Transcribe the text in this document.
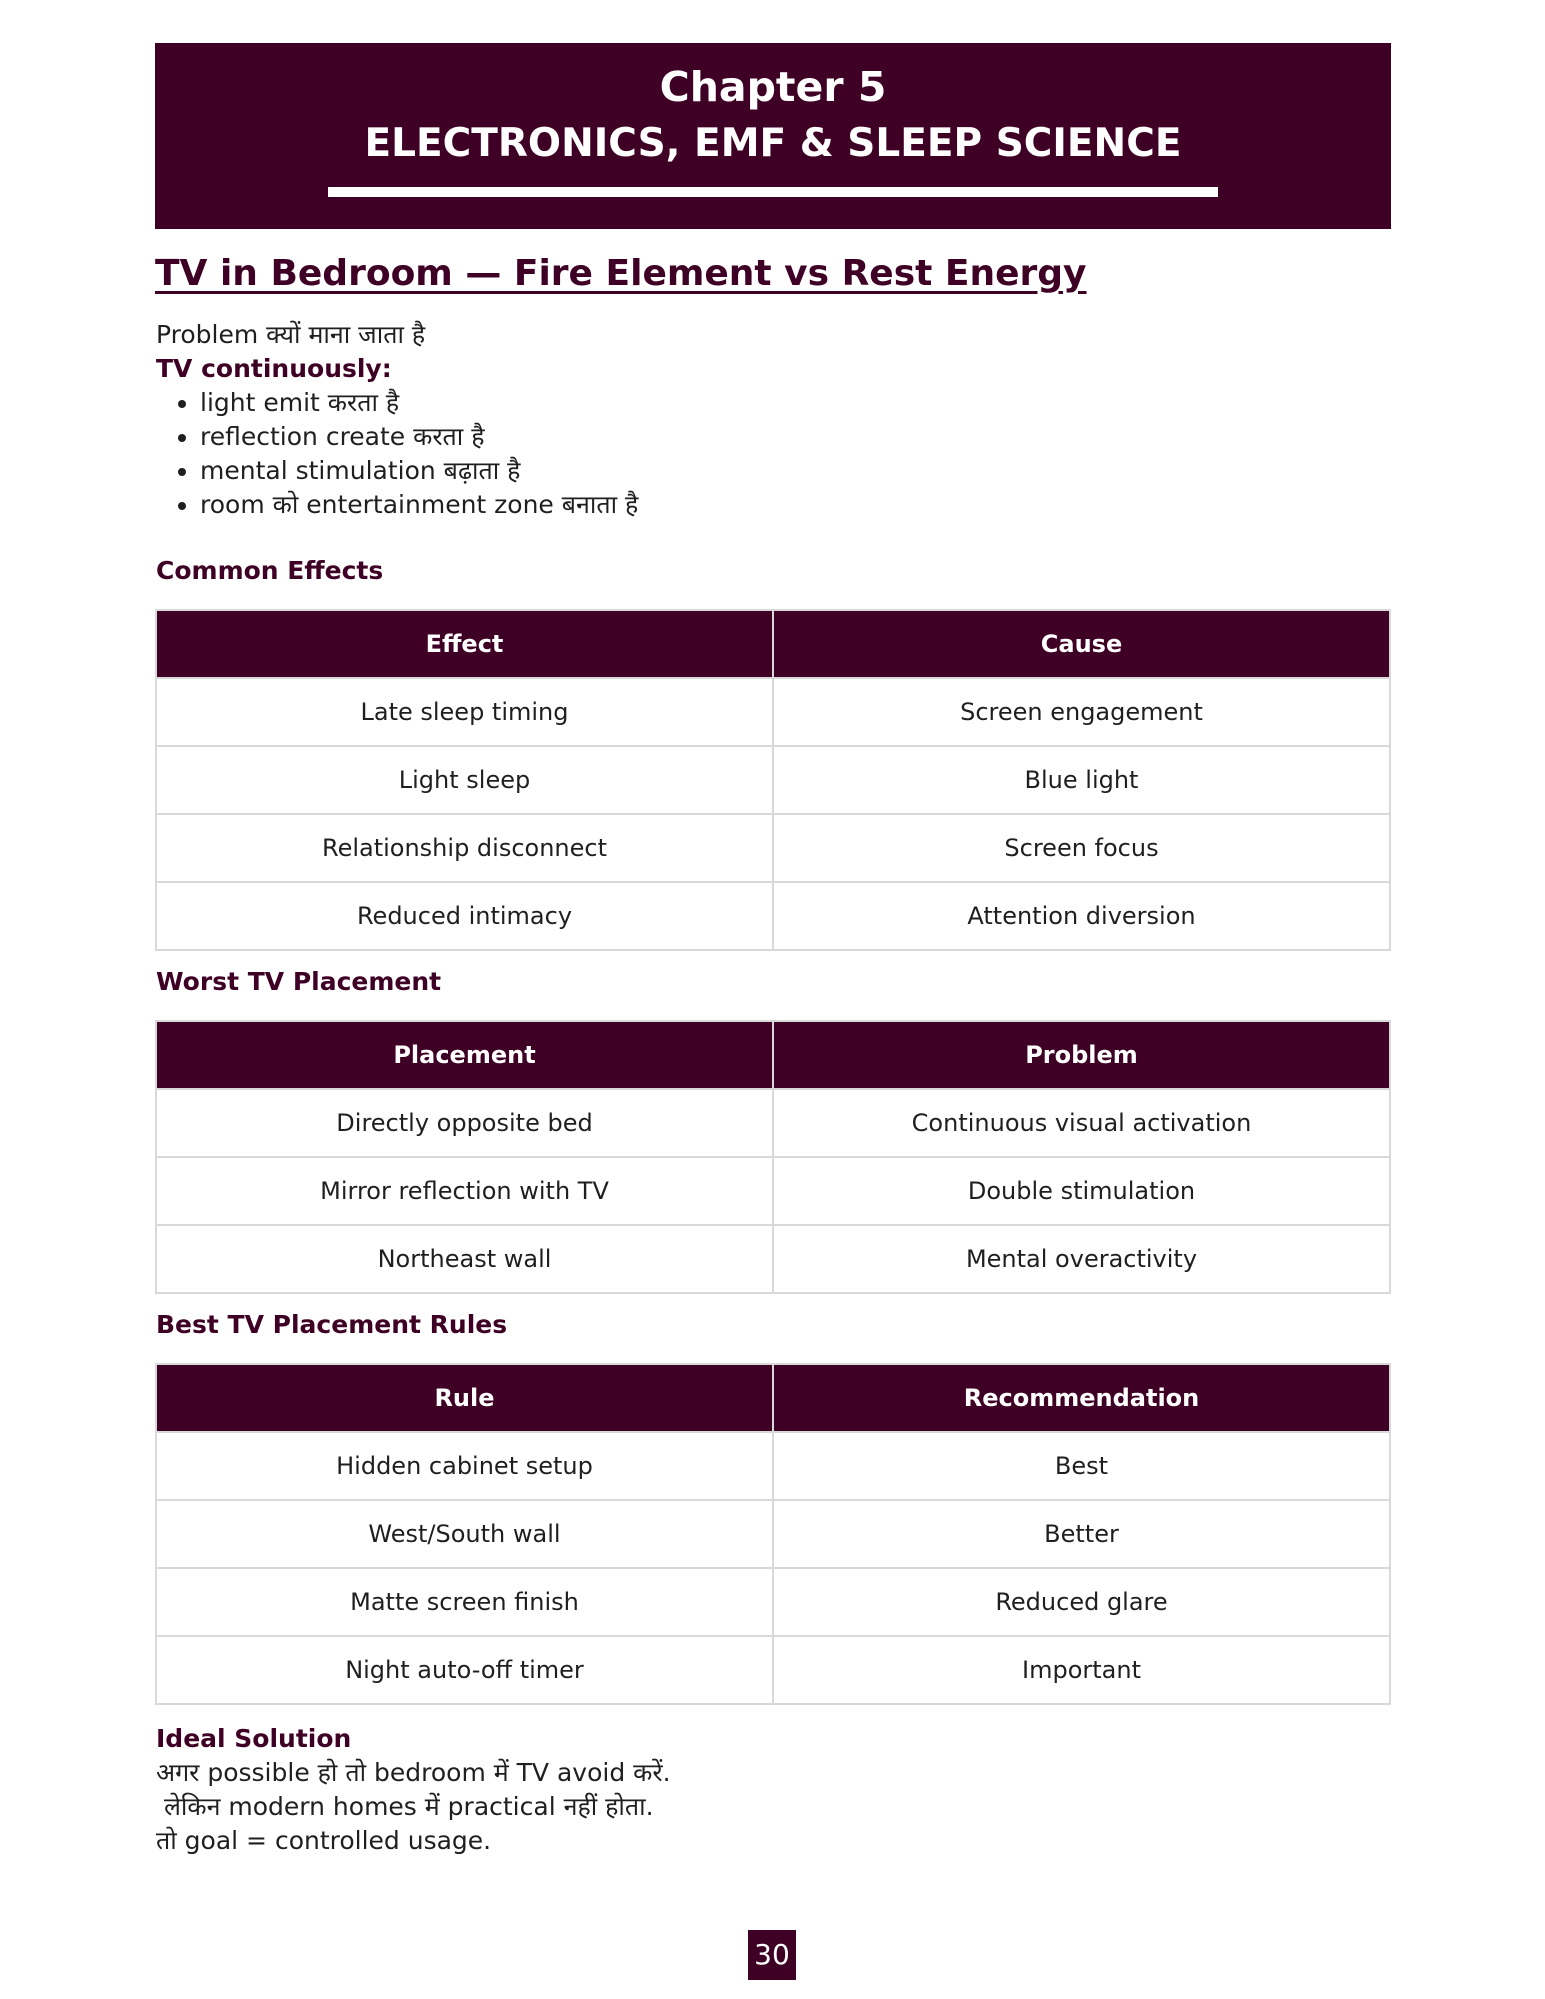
Chapter 5
ELECTRONICS, EMF & SLEEP SCIENCE
TV in Bedroom — Fire Element vs Rest Energy
Problem क्यों माना जाता है
TV continuously:
• light emit करता है
• reflection create करता है
• mental stimulation बढ़ाता है
• room को entertainment zone बनाता है
Common Effects
Effect	Cause
Late sleep timing	Screen engagement
Light sleep	Blue light
Relationship disconnect	Screen focus
Reduced intimacy	Attention diversion
Worst TV Placement
Placement	Problem
Directly opposite bed	Continuous visual activation
Mirror reflection with TV	Double stimulation
Northeast wall	Mental overactivity
Best TV Placement Rules
Rule	Recommendation
Hidden cabinet setup	Best
West/South wall	Better
Matte screen finish	Reduced glare
Night auto-off timer	Important
Ideal Solution
अगर possible हो तो bedroom में TV avoid करें.
लेकिन modern homes में practical नहीं होता.
तो goal = controlled usage.
30
